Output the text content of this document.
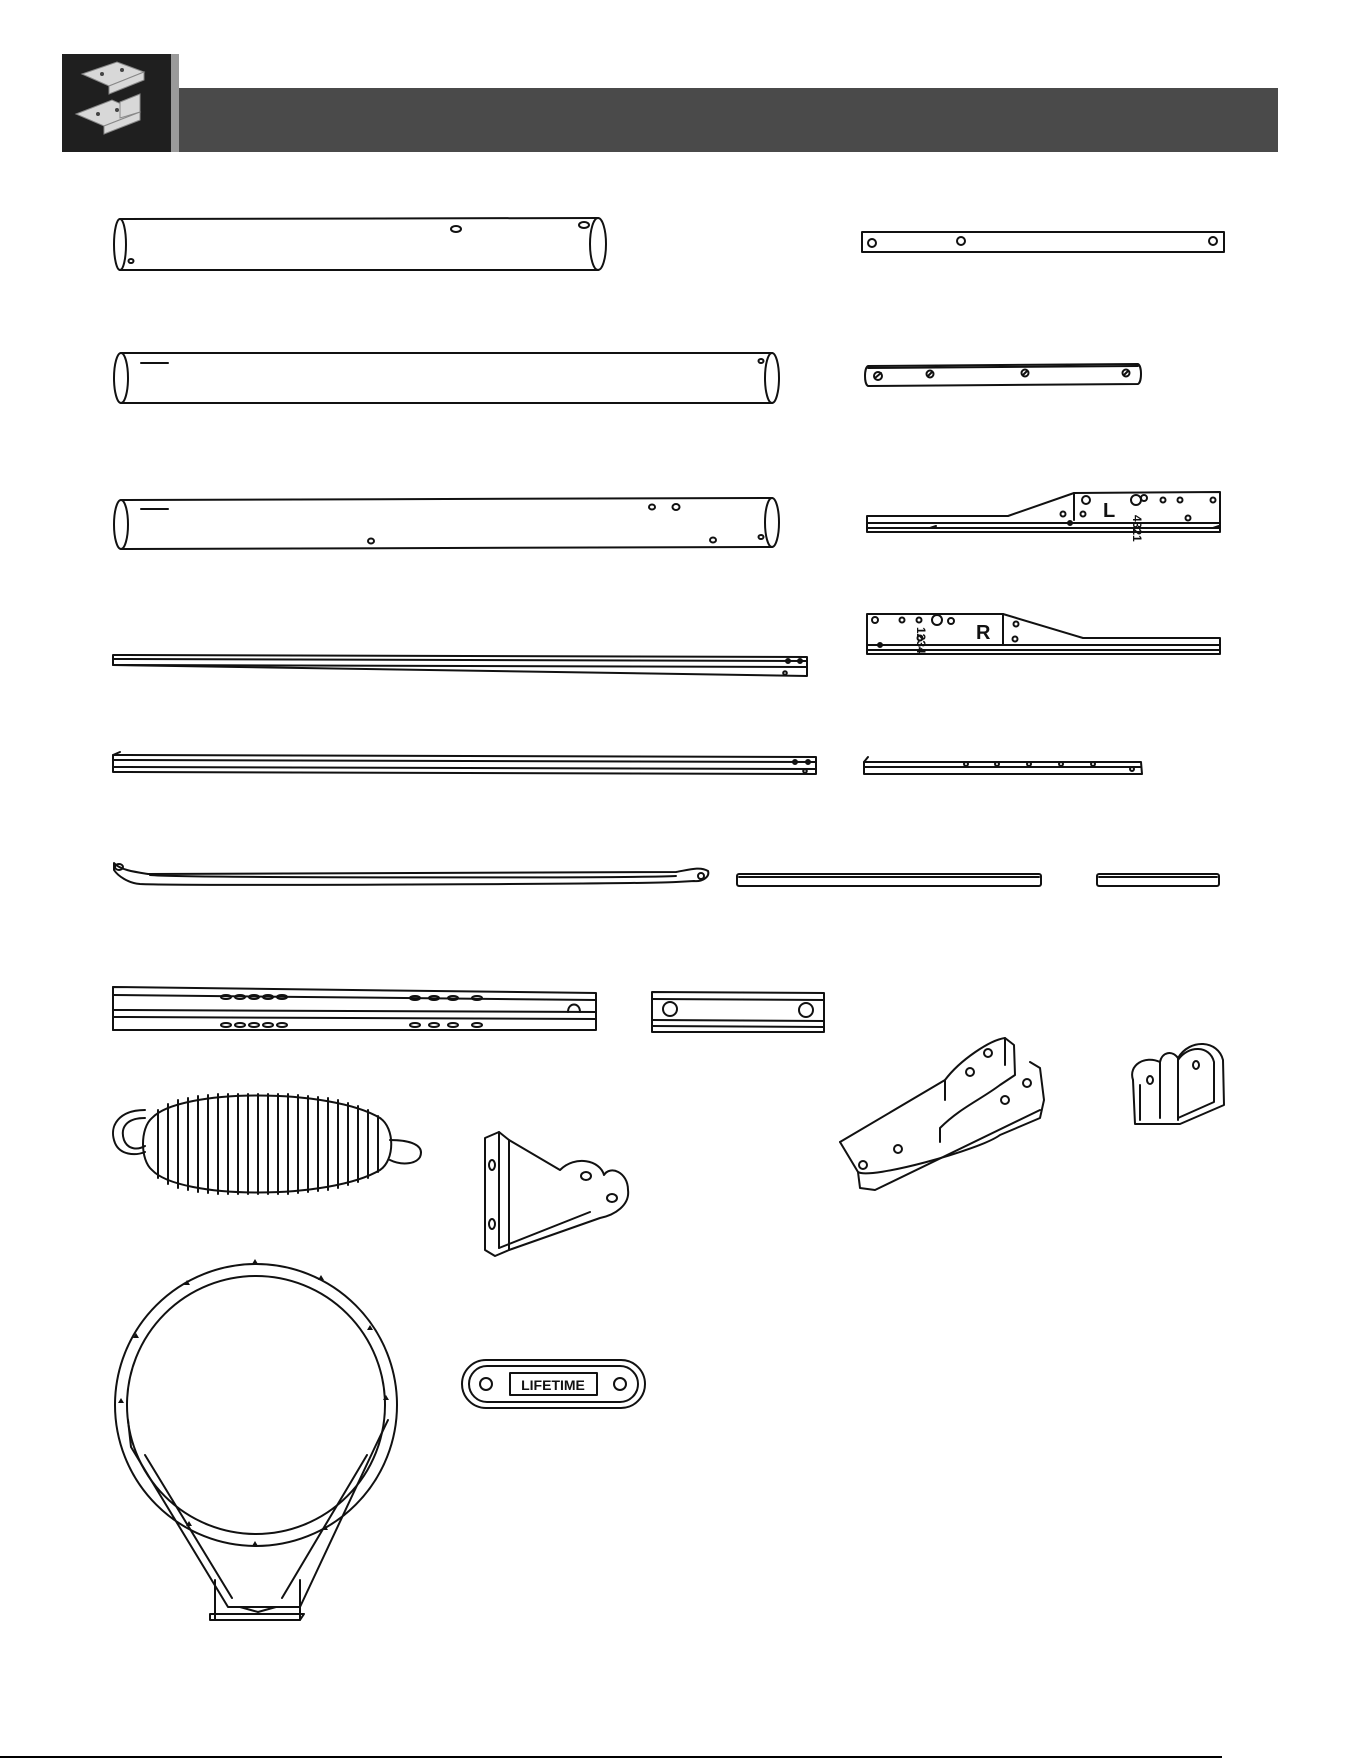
L
4321
R
1234
LIFETIME
